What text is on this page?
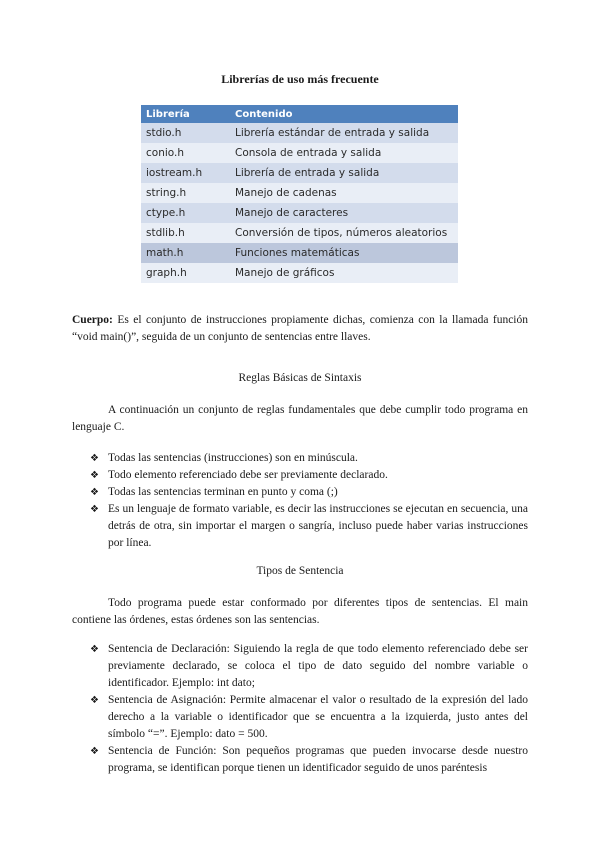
Librerías de uso más frecuente
Librería	Contenido
stdio.h	Librería estándar de entrada y salida
conio.h	Consola de entrada y salida
iostream.h	Librería de entrada y salida
string.h	Manejo de cadenas
ctype.h	Manejo de caracteres
stdlib.h	Conversión de tipos, números aleatorios
math.h	Funciones matemáticas
graph.h	Manejo de gráficos

Cuerpo: Es el conjunto de instrucciones propiamente dichas, comienza con la llamada función “void main()”, seguida de un conjunto de sentencias entre llaves.

Reglas Básicas de Sintaxis

A continuación un conjunto de reglas fundamentales que debe cumplir todo programa en lenguaje C.

❖ Todas las sentencias (instrucciones) son en minúscula.
❖ Todo elemento referenciado debe ser previamente declarado.
❖ Todas las sentencias terminan en punto y coma (;)
❖ Es un lenguaje de formato variable, es decir las instrucciones se ejecutan en secuencia, una detrás de otra, sin importar el margen o sangría, incluso puede haber varias instrucciones por línea.
Tipos de Sentencia

Todo programa puede estar conformado por diferentes tipos de sentencias. El main contiene las órdenes, estas órdenes son las sentencias.

❖ Sentencia de Declaración: Siguiendo la regla de que todo elemento referenciado debe ser previamente declarado, se coloca el tipo de dato seguido del nombre variable o identificador. Ejemplo: int dato;
❖ Sentencia de Asignación: Permite almacenar el valor o resultado de la expresión del lado derecho a la variable o identificador que se encuentra a la izquierda, justo antes del símbolo “=”. Ejemplo: dato = 500.
❖ Sentencia de Función: Son pequeños programas que pueden invocarse desde nuestro programa, se identifican porque tienen un identificador seguido de unos paréntesis
